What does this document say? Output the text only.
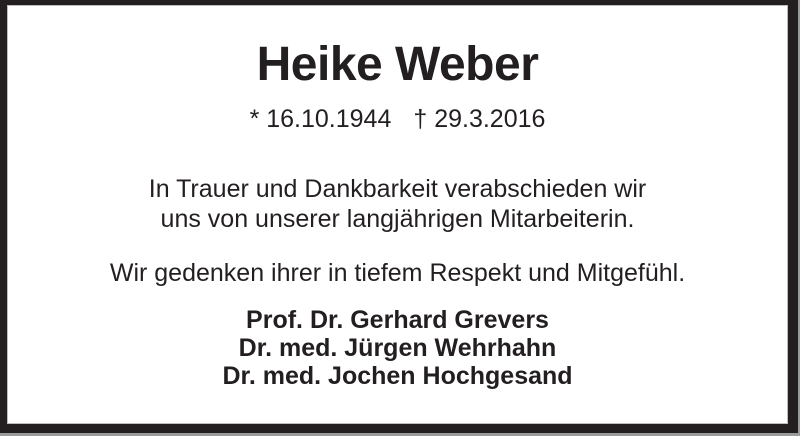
Heike Weber
* 16.10.1944 † 29.3.2016
In Trauer und Dankbarkeit verabschieden wir
uns von unserer langjährigen Mitarbeiterin.
Wir gedenken ihrer in tiefem Respekt und Mitgefühl.
Prof. Dr. Gerhard Grevers
Dr. med. Jürgen Wehrhahn
Dr. med. Jochen Hochgesand
